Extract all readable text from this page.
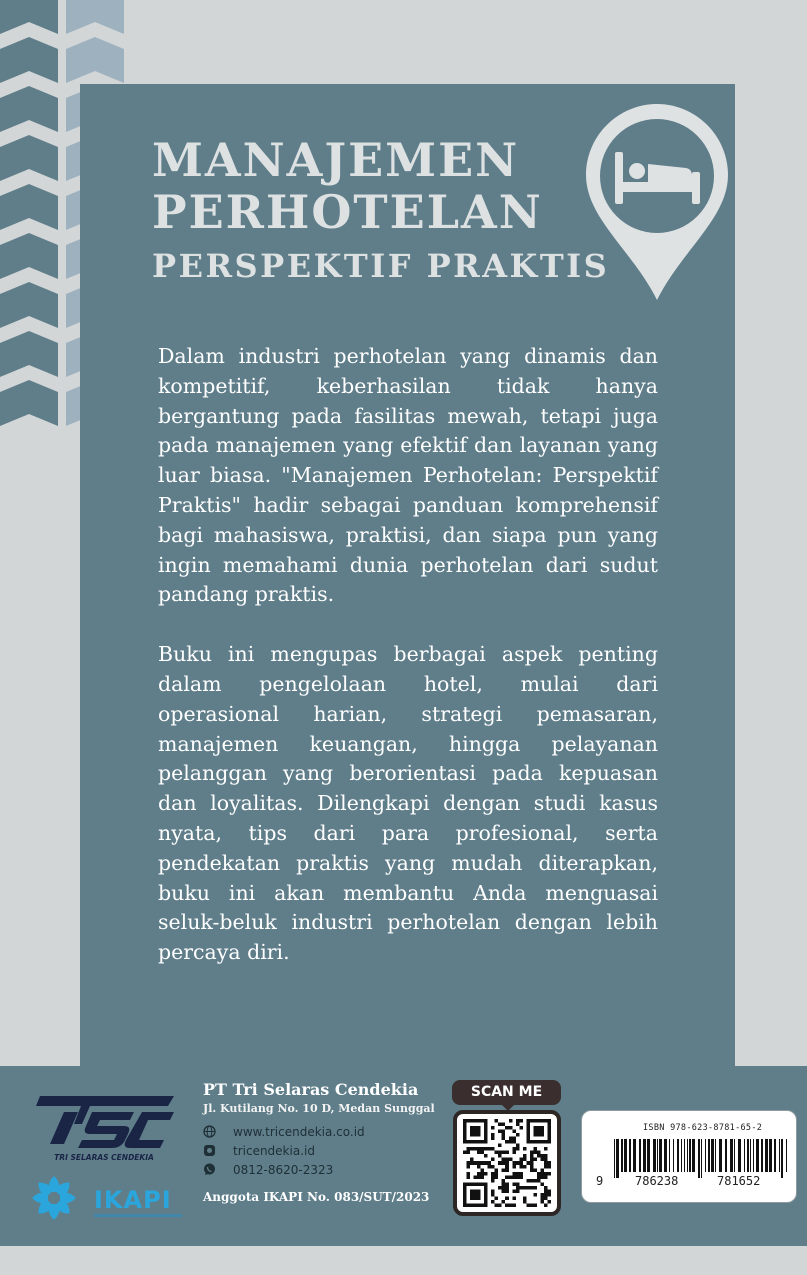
MANAJEMEN
PERHOTELAN
PERSPEKTIF PRAKTIS

Dalam industri perhotelan yang dinamis dan kompetitif, keberhasilan tidak hanya bergantung pada fasilitas mewah, tetapi juga pada manajemen yang efektif dan layanan yang luar biasa. "Manajemen Perhotelan: Perspektif Praktis" hadir sebagai panduan komprehensif bagi mahasiswa, praktisi, dan siapa pun yang ingin memahami dunia perhotelan dari sudut pandang praktis.

Buku ini mengupas berbagai aspek penting dalam pengelolaan hotel, mulai dari operasional harian, strategi pemasaran, manajemen keuangan, hingga pelayanan pelanggan yang berorientasi pada kepuasan dan loyalitas. Dilengkapi dengan studi kasus nyata, tips dari para profesional, serta pendekatan praktis yang mudah diterapkan, buku ini akan membantu Anda menguasai seluk-beluk industri perhotelan dengan lebih percaya diri.

TRI SELARAS CENDEKIA
IKAPI
PT Tri Selaras Cendekia
Jl. Kutilang No. 10 D, Medan Sunggal
www.tricendekia.co.id
tricendekia.id
0812-8620-2323
Anggota IKAPI No. 083/SUT/2023
SCAN ME
ISBN 978-623-8781-65-2
9	786238	781652
